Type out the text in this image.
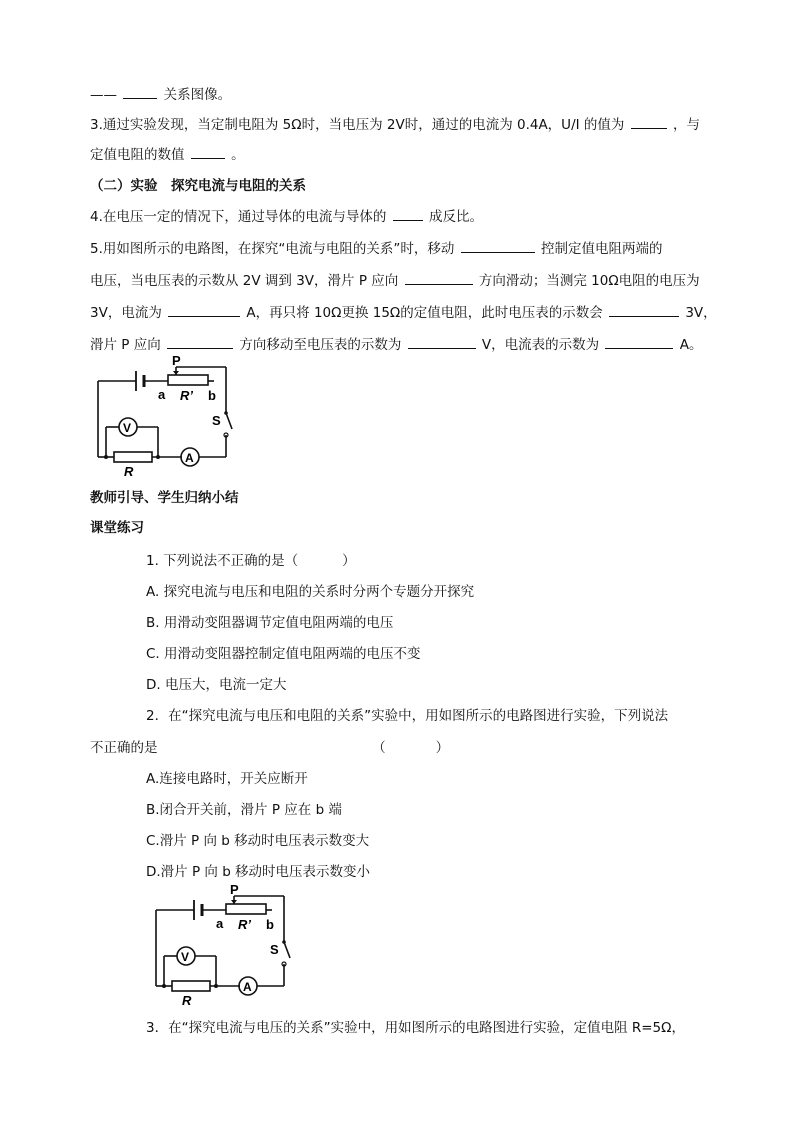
——	关系图像。
3.通过实验发现，当定制电阻为 5Ω时，当电压为 2V时，通过的电流为 0.4A，U/I 的值为	，与
定值电阻的数值	。
（二）实验　探究电流与电阻的关系
4.在电压一定的情况下，通过导体的电流与导体的	成反比。
5.用如图所示的电路图，在探究“电流与电阻的关系”时，移动	控制定值电阻两端的
电压，当电压表的示数从 2V 调到 3V，滑片 P 应向	方向滑动；当测完 10Ω电阻的电压为
3V，电流为	A，再只将 10Ω更换 15Ω的定值电阻，此时电压表的示数会	3V，
滑片 P 应向	方向移动至电压表的示数为	V，电流表的示数为	A。
P
a R’ b
S
V
R
A
教师引导、学生归纳小结
课堂练习
1. 下列说法不正确的是（	）
A. 探究电流与电压和电阻的关系时分两个专题分开探究
B. 用滑动变阻器调节定值电阻两端的电压
C. 用滑动变阻器控制定值电阻两端的电压不变
D. 电压大，电流一定大
2．在“探究电流与电压和电阻的关系”实验中，用如图所示的电路图进行实验，下列说法
不正确的是	（	）
A.连接电路时，开关应断开
B.闭合开关前，滑片 P 应在 b 端
C.滑片 P 向 b 移动时电压表示数变大
D.滑片 P 向 b 移动时电压表示数变小
P
a R’ b
S
V
R
A
3．在“探究电流与电压的关系”实验中，用如图所示的电路图进行实验，定值电阻 R=5Ω，
